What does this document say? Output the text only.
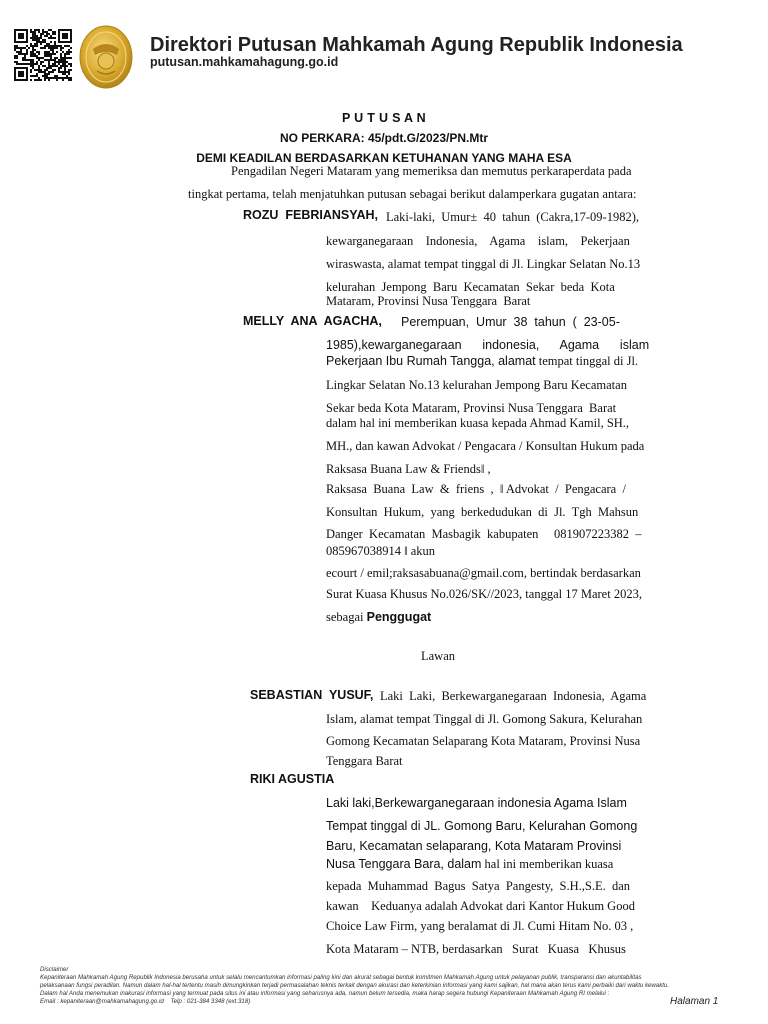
Direktori Putusan Mahkamah Agung Republik Indonesia
putusan.mahkamahagung.go.id
P U T U S A N
NO PERKARA: 45/pdt.G/2023/PN.Mtr
DEMI KEADILAN BERDASARKAN KETUHANAN YANG MAHA ESA
Pengadilan Negeri Mataram yang memeriksa dan memutus perkaraperdata pada
tingkat pertama, telah menjatuhkan putusan sebagai berikut dalamperkara gugatan antara:
ROZU  FEBRIANSYAH, Laki-laki,  Umur±  40  tahun  (Cakra,17-09-1982),
kewarganegaraan    Indonesia,    Agama    islam,    Pekerjaan
wiraswasta, alamat tempat tinggal di Jl. Lingkar Selatan No.13
kelurahan  Jempong  Baru  Kecamatan  Sekar  beda  Kota
Mataram, Provinsi Nusa Tenggara  Barat
MELLY  ANA  AGACHA, Perempuan,  Umur  38  tahun  (  23-05-
1985),kewarganegaraan      indonesia,      Agama      islam
Pekerjaan Ibu Rumah Tangga, alamat tempat tinggal di Jl.
Lingkar Selatan No.13 kelurahan Jempong Baru Kecamatan
Sekar beda Kota Mataram, Provinsi Nusa Tenggara  Barat
dalam hal ini memberikan kuasa kepada Ahmad Kamil, SH.,
MH., dan kawan Advokat / Pengacara / Konsultan Hukum pada
Raksasa Buana Law & Friends‖ ,
Raksasa  Buana  Law  &  friens  ,  ‖ Advokat  /  Pengacara  /
Konsultan  Hukum,  yang  berkedudukan  di  Jl.  Tgh  Mahsun
Danger  Kecamatan  Masbagik  kabupaten     081907223382  –
085967038914 ‖ akun
ecourt / emil;raksasabuana@gmail.com, bertindak berdasarkan
Surat Kuasa Khusus No.026/SK//2023, tanggal 17 Maret 2023,
sebagai Penggugat
Lawan
SEBASTIAN  YUSUF, Laki  Laki,  Berkewarganegaraan  Indonesia,  Agama
Islam, alamat tempat Tinggal di Jl. Gomong Sakura, Kelurahan
Gomong Kecamatan Selaparang Kota Mataram, Provinsi Nusa
Tenggara Barat
RIKI AGUSTIA
Laki laki,Berkewarganegaraan indonesia Agama Islam
Tempat tinggal di JL. Gomong Baru, Kelurahan Gomong
Baru, Kecamatan selaparang, Kota Mataram Provinsi
Nusa Tenggara Bara, dalam hal ini memberikan kuasa
kepada  Muhammad  Bagus  Satya  Pangesty,  S.H.,S.E.  dan
kawan    Keduanya adalah Advokat dari Kantor Hukum Good
Choice Law Firm, yang beralamat di Jl. Cumi Hitam No. 03 ,
Kota Mataram – NTB, berdasarkan   Surat   Kuasa   Khusus
Disclaimer
Kepaniteraan Mahkamah Agung Republik Indonesia berusaha untuk selalu mencantumkan informasi paling kini dan akurat sebagai bentuk komitmen Mahkamah Agung untuk pelayanan publik, transparansi dan akuntabilitas
pelaksanaan fungsi peradilan. Namun dalam hal-hal tertentu masih dimungkinkan terjadi permasalahan teknis terkait dengan akurasi dan keterkinian informasi yang kami sajikan, hal mana akan terus kami perbaiki dari waktu kewaktu.
Dalam hal Anda menemukan inakurasi informasi yang termuat pada situs ini atau informasi yang seharusnya ada, namun belum tersedia, maka harap segera hubungi Kepaniteraan Mahkamah Agung RI melalui :
Email : kepaniteraan@mahkamahagung.go.id    Telp : 021-384 3348 (ext.318)	Halaman 1
